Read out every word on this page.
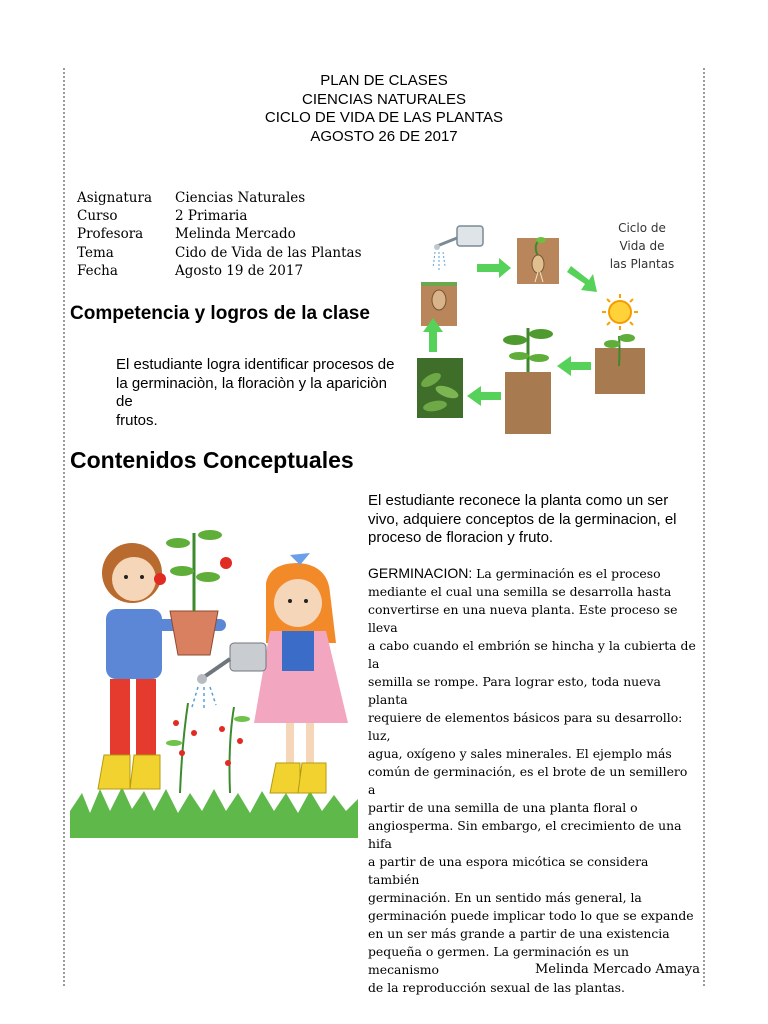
PLAN DE CLASES
CIENCIAS NATURALES
CICLO DE VIDA DE LAS PLANTAS
AGOSTO 26 DE 2017
Asignatura	Ciencias Naturales
Curso	2 Primaria
Profesora	Melinda Mercado
Tema	Cido de Vida de las Plantas
Fecha	Agosto 19 de 2017
Competencia y logros de la clase
El estudiante logra identificar procesos de
la germinaciòn, la floraciòn y la apariciòn
de
frutos.
Ciclo de
Vida de
las Plantas
Contenidos Conceptuales
El estudiante reconece la planta como un ser
vivo, adquiere conceptos de la germinacion, el
proceso de floracion y fruto.
GERMINACION: La germinación es el proceso
mediante el cual una semilla se desarrolla hasta
convertirse en una nueva planta. Este proceso se lleva
a cabo cuando el embrión se hincha y la cubierta de la
semilla se rompe. Para lograr esto, toda nueva planta
requiere de elementos básicos para su desarrollo: luz,
agua, oxígeno y sales minerales. El ejemplo más
común de germinación, es el brote de un semillero a
partir de una semilla de una planta floral o
angiosperma. Sin embargo, el crecimiento de una hifa
a partir de una espora micótica se considera también
germinación. En un sentido más general, la
germinación puede implicar todo lo que se expande
en un ser más grande a partir de una existencia
pequeña o germen. La germinación es un mecanismo
de la reproducción sexual de las plantas.
Melinda Mercado Amaya
